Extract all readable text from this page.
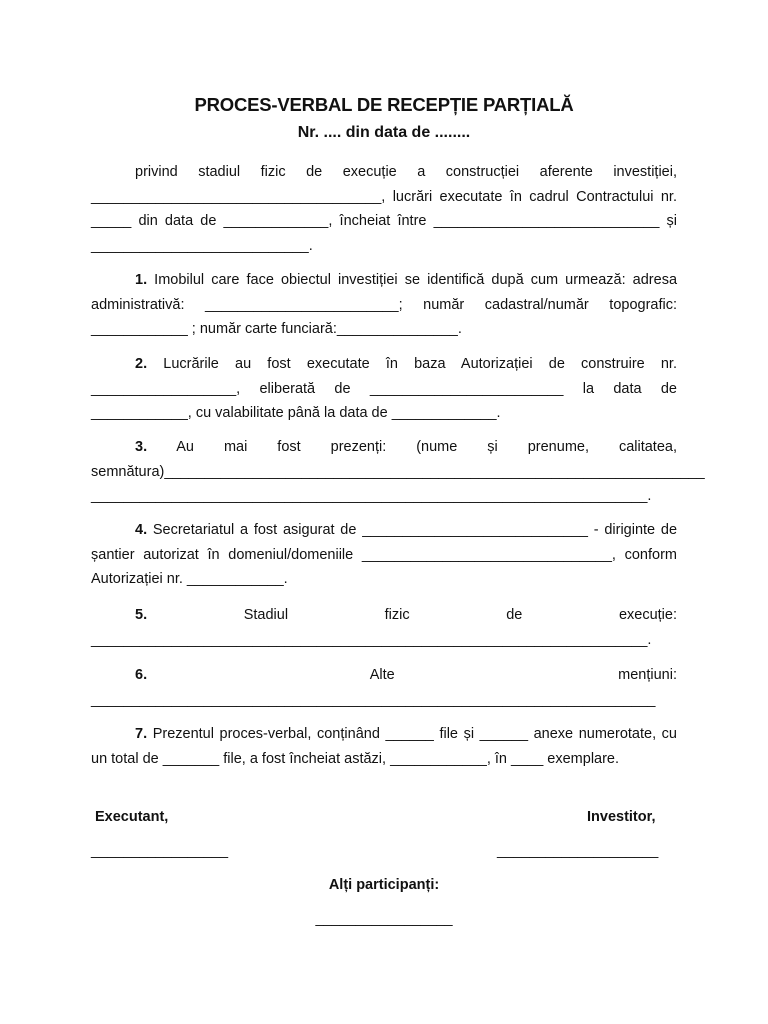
PROCES-VERBAL DE RECEPȚIE PARȚIALĂ
Nr. .... din data de ........

privind stadiul fizic de execuție a construcției aferente investiției, ____________________________________, lucrări executate în cadrul Contractului nr. _____ din data de _____________, încheiat între ____________________________ și ___________________________.

1. Imobilul care face obiectul investiției se identifică după cum urmează: adresa administrativă: ________________________; număr cadastral/număr topografic: ____________ ; număr carte funciară:_______________.

2. Lucrările au fost executate în baza Autorizației de construire nr. __________________, eliberată de ________________________ la data de ____________, cu valabilitate până la data de _____________.

3. Au mai fost prezenți: (nume și prenume, calitatea, semnătura)___________________________________________________________________ _____________________________________________________________________.

4. Secretariatul a fost asigurat de ____________________________ - diriginte de șantier autorizat în domeniul/domeniile _______________________________, conform Autorizației nr. ____________.

5.	Stadiul fizic de execuție: _____________________________________________________________________.

6.	Alte mențiuni: ______________________________________________________________________

7. Prezentul proces-verbal, conținând ______ file și ______ anexe numerotate, cu un total de _______ file, a fost încheiat astăzi, ____________, în ____ exemplare.

Executant,
_________________
Investitor,
____________________
Alți participanți:
_________________
